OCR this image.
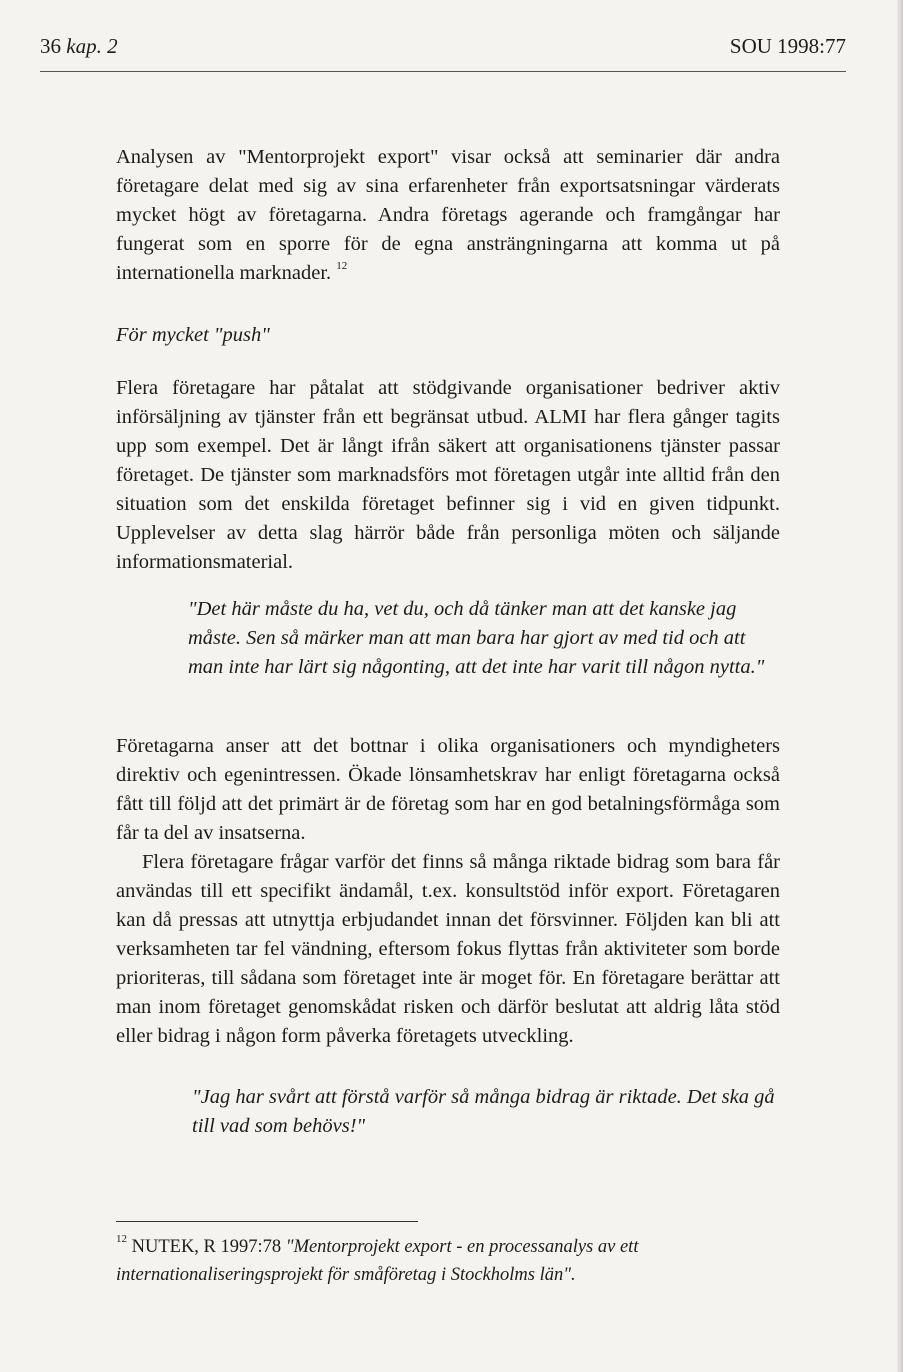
36 kap. 2	SOU 1998:77

Analysen av "Mentorprojekt export" visar också att seminarier där andra företagare delat med sig av sina erfarenheter från exportsatsningar värderats mycket högt av företagarna. Andra företags agerande och framgångar har fungerat som en sporre för de egna ansträngningarna att komma ut på internationella marknader. $^{12}$

För mycket "push"

Flera företagare har påtalat att stödgivande organisationer bedriver aktiv införsäljning av tjänster från ett begränsat utbud. ALMI har flera gånger tagits upp som exempel. Det är långt ifrån säkert att organisationens tjänster passar företaget. De tjänster som marknadsförs mot företagen utgår inte alltid från den situation som det enskilda företaget befinner sig i vid en given tidpunkt. Upplevelser av detta slag härrör både från personliga möten och säljande informationsmaterial.

"Det här måste du ha, vet du, och då tänker man att det kanske jag måste. Sen så märker man att man bara har gjort av med tid och att man inte har lärt sig någonting, att det inte har varit till någon nytta."

Företagarna anser att det bottnar i olika organisationers och myndigheters direktiv och egenintressen. Ökade lönsamhetskrav har enligt företagarna också fått till följd att det primärt är de företag som har en god betalningsförmåga som får ta del av insatserna.

Flera företagare frågar varför det finns så många riktade bidrag som bara får användas till ett specifikt ändamål, t.ex. konsultstöd inför export. Företagaren kan då pressas att utnyttja erbjudandet innan det försvinner. Följden kan bli att verksamheten tar fel vändning, eftersom fokus flyttas från aktiviteter som borde prioriteras, till sådana som företaget inte är moget för. En företagare berättar att man inom företaget genomskådat risken och därför beslutat att aldrig låta stöd eller bidrag i någon form påverka företagets utveckling.

"Jag har svårt att förstå varför så många bidrag är riktade. Det ska gå till vad som behövs!"

$^{12}$ NUTEK, R 1997:78 "Mentorprojekt export - en processanalys av ett internationaliseringsprojekt för småföretag i Stockholms län".
